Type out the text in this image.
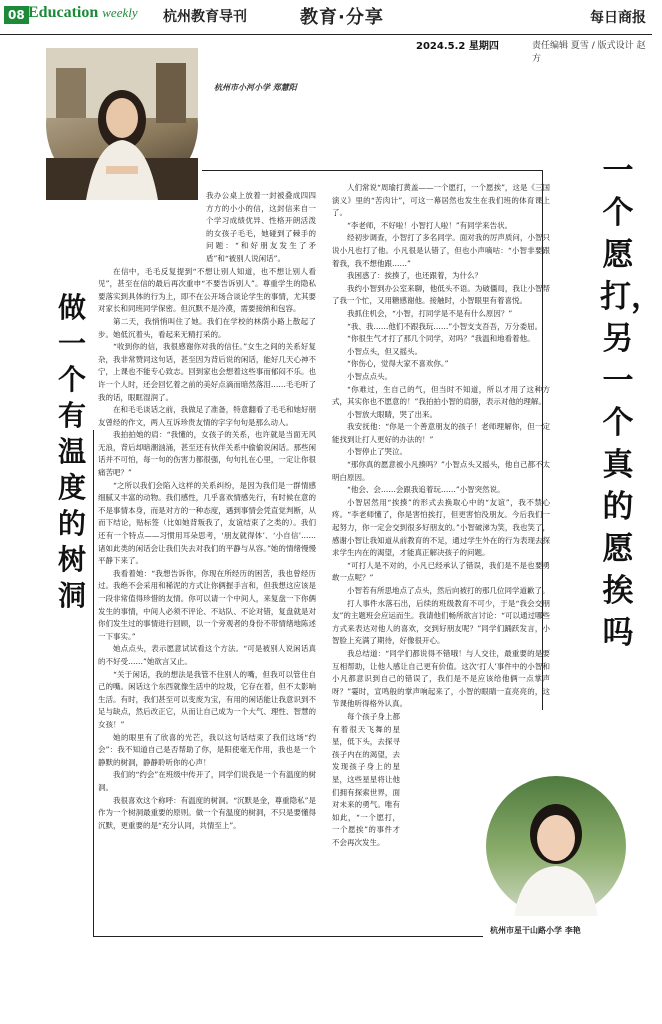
08 Education weekly 杭州教育导刊	教育·分享	每日商报
2024.5.2 星期四	责任编辑 夏雪 / 版式设计 赵方
杭州市小河小学 郑慧阳
做一个有温度的树洞

我办公桌上放着一封被叠成四四方方的小小的信，这封信来自一个学习成绩优异、性格开朗活泼的女孩子毛毛，她碰到了棘手的问题：“和好朋友发生了矛盾”和“被别人说闲话”。

在信中，毛毛反复提到“不想让别人知道，也不想让别人看见”，甚至在信的最后再次重申“不要告诉别人”。尊重学生的隐私要落实到具体的行为上，即不在公开场合谈论学生的事情，尤其要对家长和同班同学保密。但沉默不是冷漠，需要接纳和包容。

第二天，我悄悄叫住了她。我们在学校的林荫小路上散起了步。她低沉着头，看起来无精打采的。

“收到你的信，我很感谢你对我的信任。”女生之间的关系好复杂，我非常赞同这句话，甚至因为背后说的闲话，能好几天心神不宁，上课也不能专心致志。回到家也会想着这些事而郁闷不乐。也许一个人时，还会回忆着之前的美好点滴而暗然落泪……毛毛听了我的话，眼眶湿润了。

在和毛毛谈话之前，我做足了准备，特意翻看了毛毛和她好朋友曾经的作文，两人互诉珍贵友情的字字句句是那么动人。

我拍拍她的肩：“我懂的，女孩子的关系，也许就是当面无风无浪，背后却暗潮汹涌，甚至还有伙伴关系中偷偷说闲话。那些闲话并不可怕，每一句的伤害力都很强，句句扎在心里，一定让你很痛苦吧？”

“之所以我们会陷入这样的关系纠纷，是因为我们是一群情感细腻又丰富的动物。我们感性，几乎喜欢情感先行，有时候在意的不是事情本身，而是对方的一种态度，遇到事情会凭直觉判断，从而下结论，贴标签（比如她背叛我了，友谊结束了之类的）。我们还有一个特点——习惯用耳朵思考，‘朋友就得体’、‘小自信’……诸如此类的闲话会让我们失去对我们的平静与从容。”她的情绪慢慢平静下来了。

我看着她：“我想告诉你，你现在所经历的困苦，我也曾经历过。我绝不会采用和稀泥的方式让你俩握手言和，但我想这应该是一段非常值得珍惜的友情。你可以请一个中间人，来复盘一下你俩发生的事情，中间人必须不评论、不站队、不论对错，复盘就是对你们发生过的事情进行回顾，以一个旁观者的身份不带情绪地陈述一下事实。”

她点点头，表示愿意试试看这个方法。“可是被别人说闲话真的不好受……”她欲言又止。

“关于闲话，我的想法是我管不住别人的嘴，但我可以管住自己的嘴。闲话这个东西就像生活中的垃圾，它存在着，但不太影响生活。有时，我们甚至可以变废为宝，有用的闲话能让我意识到不足与缺点，然后改正它，从而让自己成为一个大气、理性、智慧的女孩！”

她的眼里有了欣喜的光芒，我以这句话结束了我们这场“约会”：我不知道自己是否帮助了你，是阳使毫无作用，我也是一个静默的树洞，静静聆听你的心声！

我们的“约会”在班级中传开了，同学们说我是一个有温度的树洞。

我很喜欢这个称呼：有温度的树洞。“沉默是金，尊重隐私”是作为一个树洞最重要的原则。做一个有温度的树洞，不只是要懂得沉默，更重要的是“充分认同，共情至上”。

一个愿打，另一个真的愿挨吗

人们常说“周瑜打黄盖——一个愿打，一个愿挨”，这是《三国演义》里的“苦肉计”，可这一幕居然也发生在我们班的体育课上了。

“李老师，不好啦！小智打人啦！”有同学来告状。

经初步调查，小智打了多名同学。面对我的厉声质问，小智只说小凡也打了他。小凡很是认错了，但也小声嘀咕：“小智非要跟着我，我不想他跟……”

我困惑了：挨揍了，也还跟着，为什么？

我约小智到办公室来聊，他低头不语。为破僵局，我让小智帮了我一个忙，又用糖感谢他。接触时，小智眼里有着喜悦。

我抓住机会，“小智，打同学是不是有什么原因？”

“我、我……他们不跟我玩……”小智支支吾吾，万分委屈。

“你很生气才打了那几个同学，对吗？”我温和地看着他。

小智点头，但又摇头。

“你伤心，觉得大家不喜欢你。”

小智点点头。

“你难过，生自己的气，但当时不知道，所以才用了这种方式，其实你也不愿意的！”我拍拍小智的肩膀，表示对他的理解。

小智放大眼睛，哭了出来。

我安抚他：“你是一个善意朋友的孩子！老师理解你，但一定能找到让打人更好的办法的！”

小智停止了哭泣。

“那你真的愿意被小凡揍吗？”小智点头又摇头，他自己都不太明白原因。

“他会、会……会跟我追着玩……”小智突然说。

小智居然用“挨揍”的形式去换取心中的“友谊”，我不禁心疼。“李老师懂了，你是害怕挨打，但更害怕没朋友。今后我们一起努力，你一定会交到很多好朋友的。”小智破涕为笑，我也笑了，感谢小智让我知道从前教育的不足，通过学生外在的行为表现去探求学生内在的渴望，才能真正解决孩子的问题。

“可打人是不对的，小凡已经承认了错误，我们是不是也要勇敢一点呢？”

小智若有所思地点了点头，然后向被打的那几位同学道歉了。

打人事件水落石出，后续的班级教育不可少，于是“我会交朋友”的主题班会应运而生。我请他们畅所欲言讨论：“可以通过哪些方式来表达对他人的喜欢，交到好朋友呢？”同学们踊跃发言，小智脸上充满了期待，好像很开心。

我总结道：“同学们都说得不错哦！与人交往，最重要的是要互相帮助，让他人感让自己更有价值。这次‘打人’事件中的小智和小凡都意识到自己的错误了，我们是不是应该给他俩一点掌声呀？”霎时，宣鸣般的掌声响起来了，小智的眼睛一直亮亮的，这节课他听得格外认真。

每个孩子身上都有着很天飞舞的星星，低下头，去探寻孩子内在的渴望，去发现孩子身上的星星，这些星星将让他们拥有探索世界，面对未来的勇气。唯有如此，“一个愿打，一个愿挨”的事件才不会再次发生。

杭州市星干山路小学 李艳
